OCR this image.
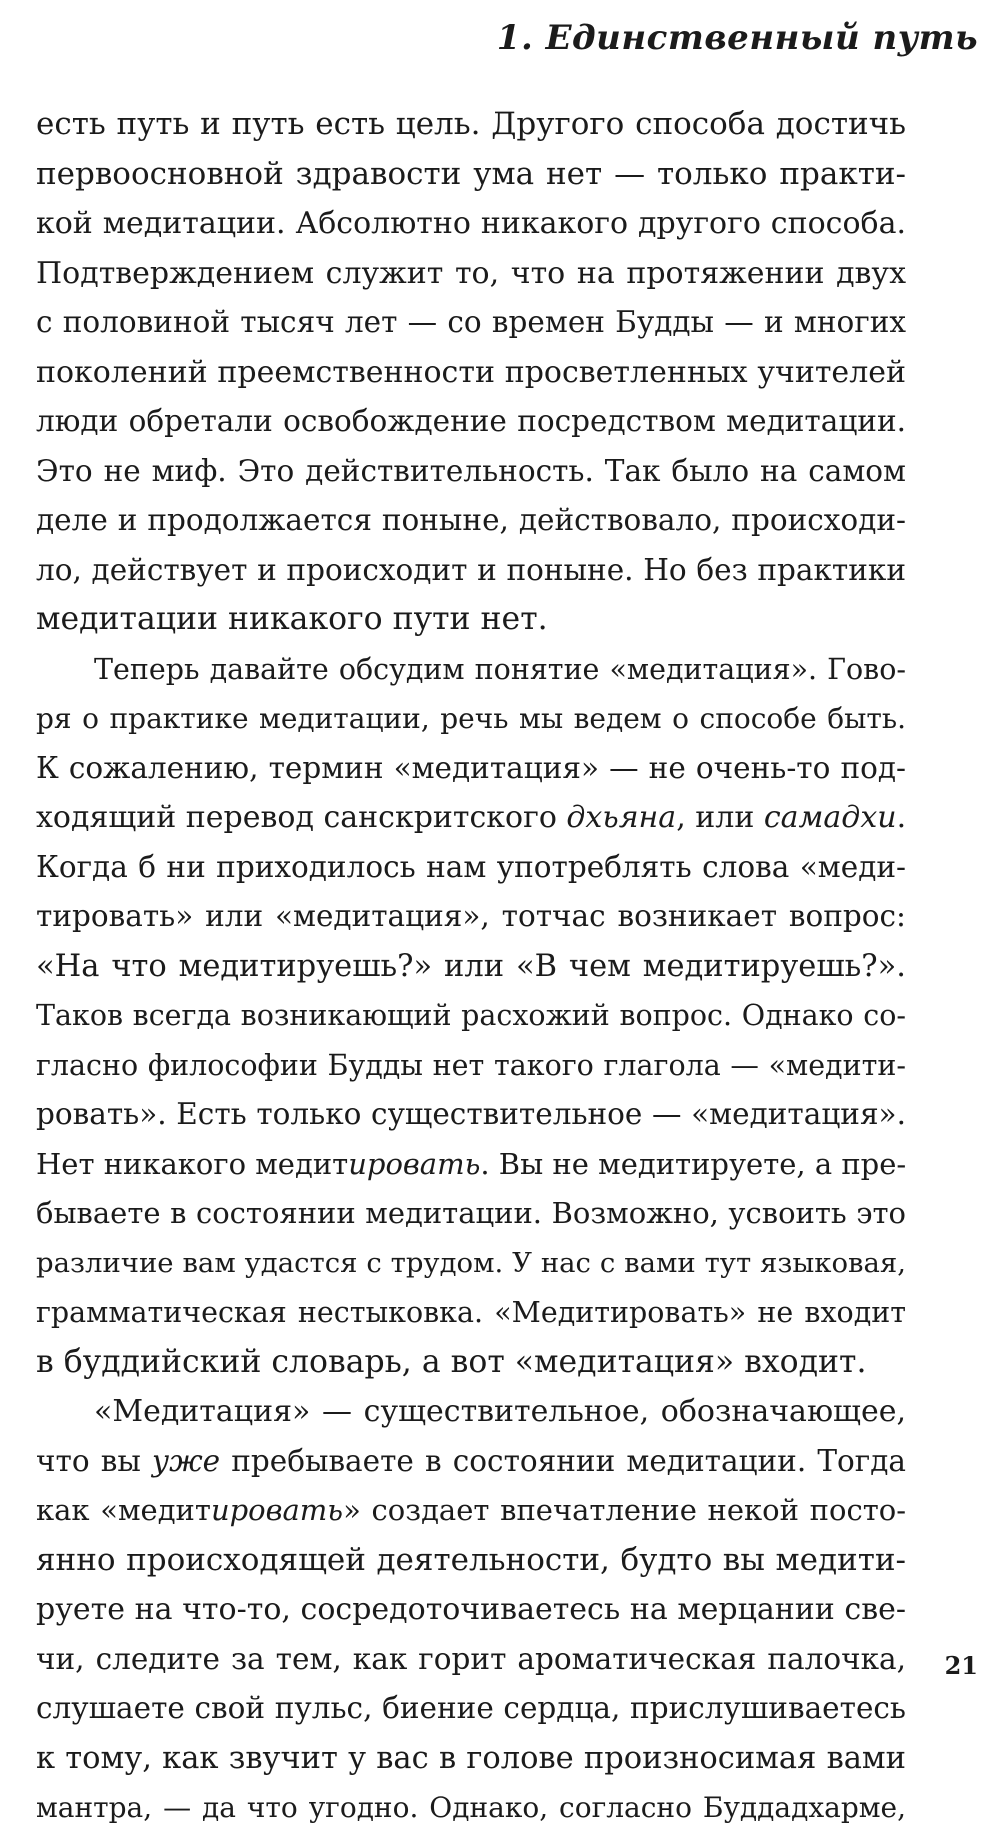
1. Единственный путь
есть путь и путь есть цель. Другого способа достичь
первоосновной здравости ума нет — только практи-
кой медитации. Абсолютно никакого другого способа.
Подтверждением служит то, что на протяжении двух
с половиной тысяч лет — со времен Будды — и многих
поколений преемственности просветленных учителей
люди обретали освобождение посредством медитации.
Это не миф. Это действительность. Так было на самом
деле и продолжается поныне, действовало, происходи-
ло, действует и происходит и поныне. Но без практики
медитации никакого пути нет.
Теперь давайте обсудим понятие «медитация». Гово-
ря о практике медитации, речь мы ведем о способе быть.
К сожалению, термин «медитация» — не очень-то под-
ходящий перевод санскритского дхьяна, или самадхи.
Когда б ни приходилось нам употреблять слова «меди-
тировать» или «медитация», тотчас возникает вопрос:
«На что медитируешь?» или «В чем медитируешь?».
Таков всегда возникающий расхожий вопрос. Однако со-
гласно философии Будды нет такого глагола — «медити-
ровать». Есть только существительное — «медитация».
Нет никакого медитировать. Вы не медитируете, а пре-
бываете в состоянии медитации. Возможно, усвоить это
различие вам удастся с трудом. У нас с вами тут языковая,
грамматическая нестыковка. «Медитировать» не входит
в буддийский словарь, а вот «медитация» входит.
«Медитация» — существительное, обозначающее,
что вы уже пребываете в состоянии медитации. Тогда
как «медитировать» создает впечатление некой посто-
янно происходящей деятельности, будто вы медити-
руете на что-то, сосредоточиваетесь на мерцании све-
чи, следите за тем, как горит ароматическая палочка,
слушаете свой пульс, биение сердца, прислушиваетесь
к тому, как звучит у вас в голове произносимая вами
мантра, — да что угодно. Однако, согласно Буддадхарме,
21
